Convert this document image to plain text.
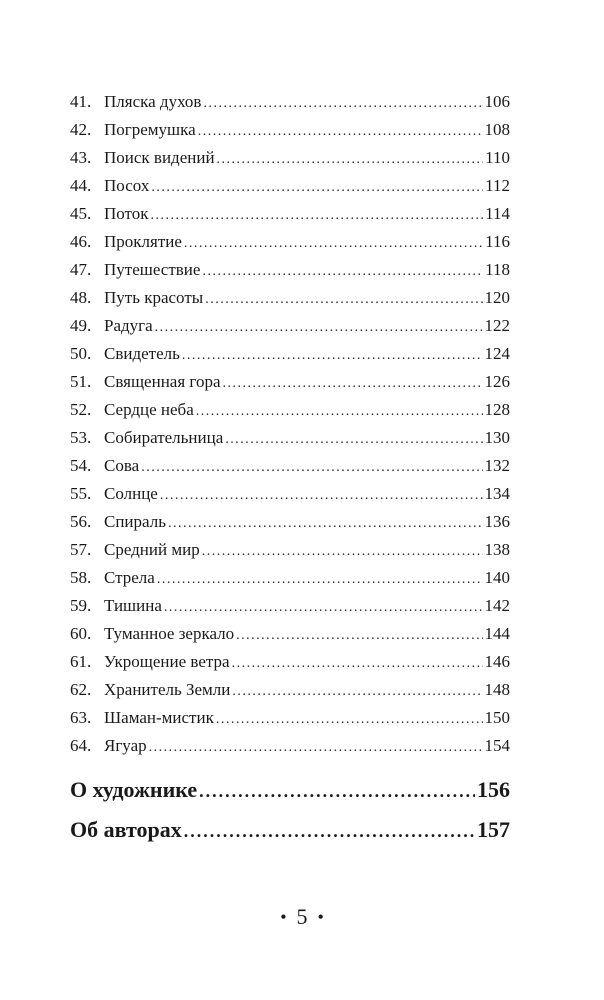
41. Пляска духов .....	106
42. Погремушка .....	108
43. Поиск видений .....	110
44. Посох .....	112
45. Поток .....	114
46. Проклятие .....	116
47. Путешествие .....	118
48. Путь красоты .....	120
49. Радуга .....	122
50. Свидетель .....	124
51. Священная гора .....	126
52. Сердце неба .....	128
53. Собирательница .....	130
54. Сова .....	132
55. Солнце .....	134
56. Спираль .....	136
57. Средний мир .....	138
58. Стрела .....	140
59. Тишина .....	142
60. Туманное зеркало .....	144
61. Укрощение ветра .....	146
62. Хранитель Земли .....	148
63. Шаман-мистик .....	150
64. Ягуар .....	154
О художнике .....	156
Об авторах .....	157
• 5 •
